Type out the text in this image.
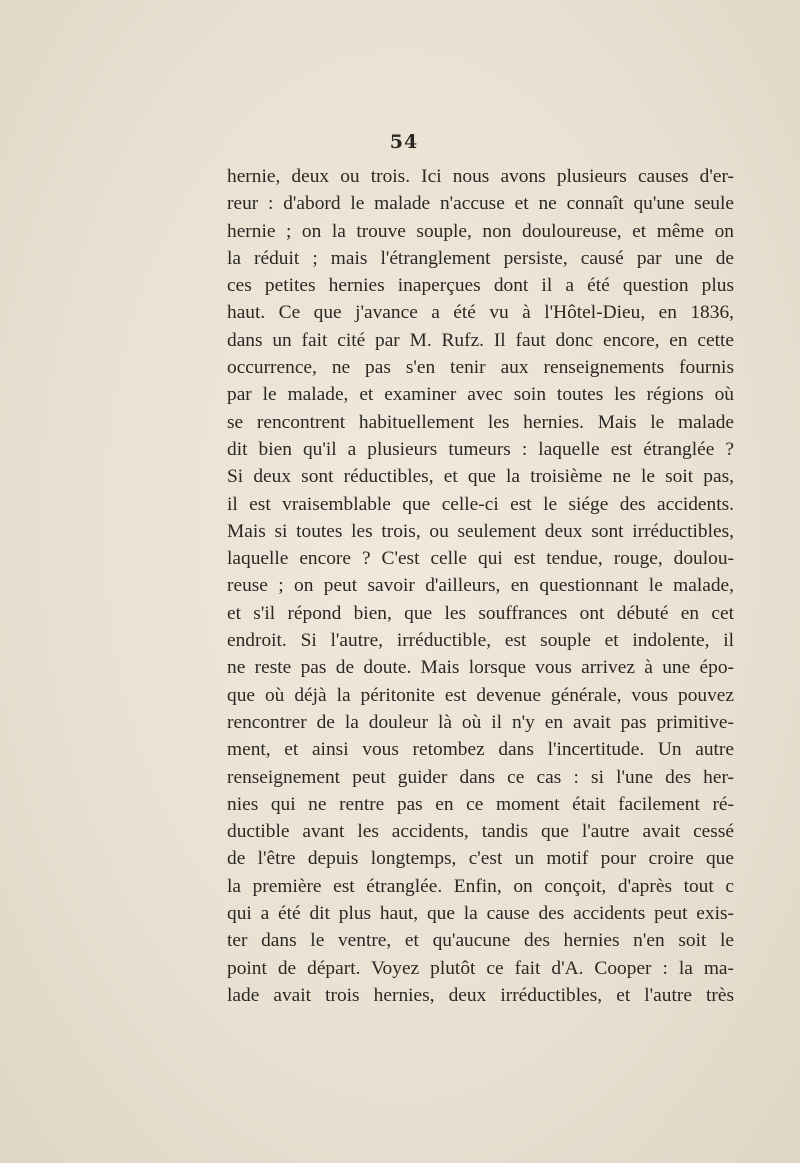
54
hernie, deux ou trois. Ici nous avons plusieurs causes d'er-
reur : d'abord le malade n'accuse et ne connaît qu'une seule
hernie ; on la trouve souple, non douloureuse, et même on
la réduit ; mais l'étranglement persiste, causé par une de
ces petites hernies inaperçues dont il a été question plus
haut. Ce que j'avance a été vu à l'Hôtel-Dieu, en 1836,
dans un fait cité par M. Rufz. Il faut donc encore, en cette
occurrence, ne pas s'en tenir aux renseignements fournis
par le malade, et examiner avec soin toutes les régions où
se rencontrent habituellement les hernies. Mais le malade
dit bien qu'il a plusieurs tumeurs : laquelle est étranglée ?
Si deux sont réductibles, et que la troisième ne le soit pas,
il est vraisemblable que celle-ci est le siége des accidents.
Mais si toutes les trois, ou seulement deux sont irréductibles,
laquelle encore ? C'est celle qui est tendue, rouge, doulou-
reuse ; on peut savoir d'ailleurs, en questionnant le malade,
et s'il répond bien, que les souffrances ont débuté en cet
endroit. Si l'autre, irréductible, est souple et indolente, il
ne reste pas de doute. Mais lorsque vous arrivez à une épo-
que où déjà la péritonite est devenue générale, vous pouvez
rencontrer de la douleur là où il n'y en avait pas primitive-
ment, et ainsi vous retombez dans l'incertitude. Un autre
renseignement peut guider dans ce cas : si l'une des her-
nies qui ne rentre pas en ce moment était facilement ré-
ductible avant les accidents, tandis que l'autre avait cessé
de l'être depuis longtemps, c'est un motif pour croire que
la première est étranglée. Enfin, on conçoit, d'après tout c
qui a été dit plus haut, que la cause des accidents peut exis-
ter dans le ventre, et qu'aucune des hernies n'en soit le
point de départ. Voyez plutôt ce fait d'A. Cooper : la ma-
lade avait trois hernies, deux irréductibles, et l'autre très
